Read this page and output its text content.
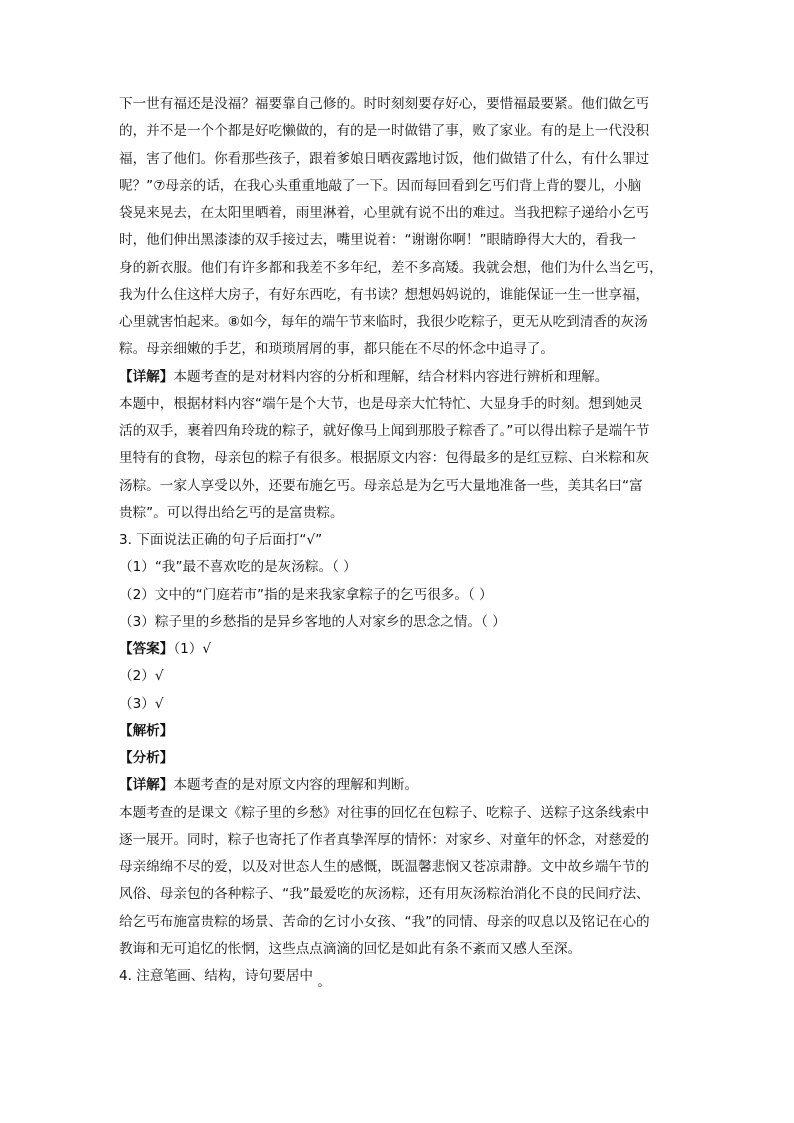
下一世有福还是没福？福要靠自己修的。时时刻刻要存好心，要惜福最要紧。他们做乞丐
的，并不是一个个都是好吃懒做的，有的是一时做错了事，败了家业。有的是上一代没积
福，害了他们。你看那些孩子，跟着爹娘日晒夜露地讨饭，他们做错了什么，有什么罪过
呢？”⑦母亲的话，在我心头重重地敲了一下。因而每回看到乞丐们背上背的婴儿，小脑
袋晃来晃去，在太阳里晒着，雨里淋着，心里就有说不出的难过。当我把粽子递给小乞丐
时，他们伸出黑漆漆的双手接过去，嘴里说着：“谢谢你啊！”眼睛睁得大大的，看我一
身的新衣服。他们有许多都和我差不多年纪，差不多高矮。我就会想，他们为什么当乞丐，
我为什么住这样大房子，有好东西吃，有书读？想想妈妈说的，谁能保证一生一世享福，
心里就害怕起来。⑧如今，每年的端午节来临时，我很少吃粽子，更无从吃到清香的灰汤
粽。母亲细嫩的手艺，和琐琐屑屑的事，都只能在不尽的怀念中追寻了。
【详解】本题考查的是对材料内容的分析和理解，结合材料内容进行辨析和理解。
本题中，根据材料内容“端午是个大节，也是母亲大忙特忙、大显身手的时刻。想到她灵
活的双手，裹着四角玲珑的粽子，就好像马上闻到那股子粽香了。”可以得出粽子是端午节
里特有的食物，母亲包的粽子有很多。根据原文内容：包得最多的是红豆粽、白米粽和灰
汤粽。一家人享受以外，还要布施乞丐。母亲总是为乞丐大量地准备一些，美其名曰“富
贵粽”。可以得出给乞丐的是富贵粽。
3. 下面说法正确的句子后面打“√”
（1）“我”最不喜欢吃的是灰汤粽。（ ）
（2）文中的“门庭若市”指的是来我家拿粽子的乞丐很多。（ ）
（3）粽子里的乡愁指的是异乡客地的人对家乡的思念之情。（ ）
【答案】（1）√
（2）√
（3）√
【解析】
【分析】
【详解】本题考查的是对原文内容的理解和判断。
本题考查的是课文《粽子里的乡愁》对往事的回忆在包粽子、吃粽子、送粽子这条线索中
逐一展开。同时，粽子也寄托了作者真挚浑厚的情怀：对家乡、对童年的怀念，对慈爱的
母亲绵绵不尽的爱，以及对世态人生的感慨，既温馨悲悯又苍凉肃静。文中故乡端午节的
风俗、母亲包的各种粽子、“我”最爱吃的灰汤粽，还有用灰汤粽治消化不良的民间疗法、
给乞丐布施富贵粽的场景、苦命的乞讨小女孩、“我”的同情、母亲的叹息以及铭记在心的
教诲和无可追忆的怅惘，这些点点滴滴的回忆是如此有条不紊而又感人至深。
4. 注意笔画、结构，诗句要居中 。
